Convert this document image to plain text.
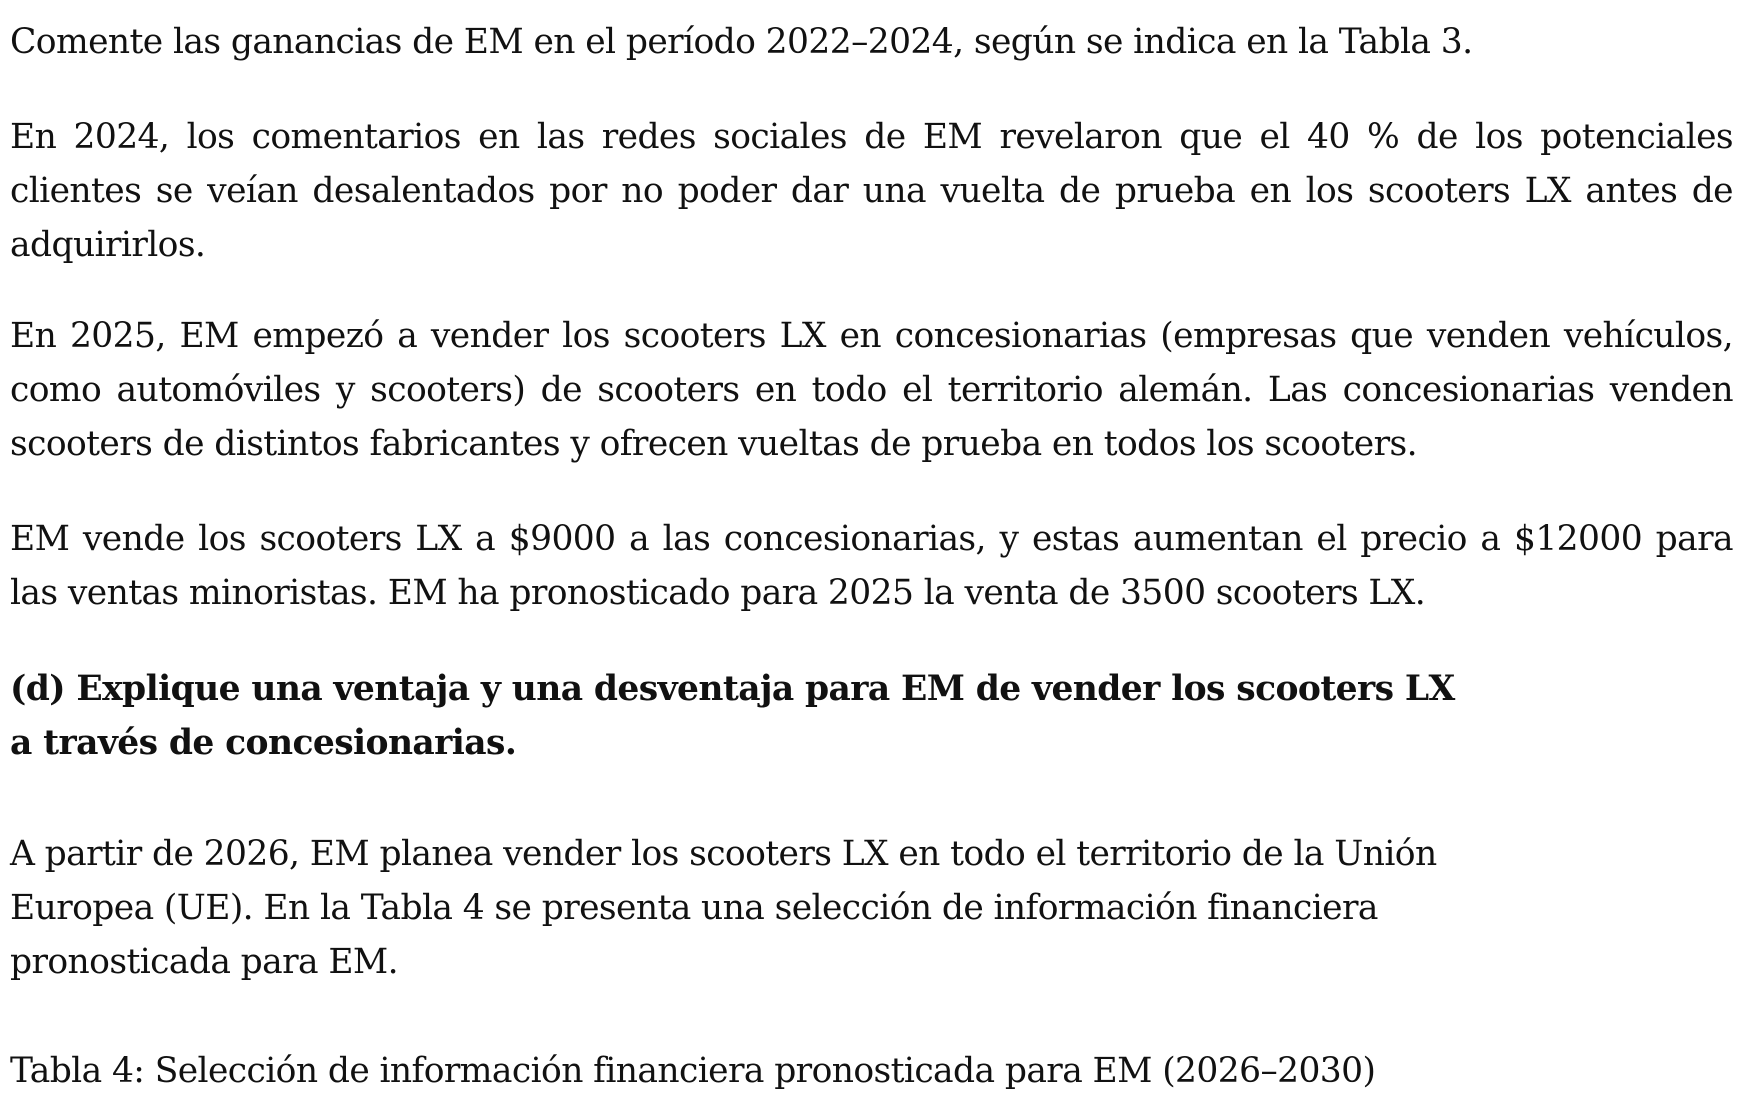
Comente las ganancias de EM en el período 2022–2024, según se indica en la Tabla 3.

En 2024, los comentarios en las redes sociales de EM revelaron que el 40 % de los potenciales clientes se veían desalentados por no poder dar una vuelta de prueba en los scooters LX antes de adquirirlos.

En 2025, EM empezó a vender los scooters LX en concesionarias (empresas que venden vehículos, como automóviles y scooters) de scooters en todo el territorio alemán. Las concesionarias venden scooters de distintos fabricantes y ofrecen vueltas de prueba en todos los scooters.

EM vende los scooters LX a $9000 a las concesionarias, y estas aumentan el precio a $12000 para las ventas minoristas. EM ha pronosticado para 2025 la venta de 3500 scooters LX.

(d) Explique una ventaja y una desventaja para EM de vender los scooters LX a través de concesionarias.

A partir de 2026, EM planea vender los scooters LX en todo el territorio de la Unión Europea (UE). En la Tabla 4 se presenta una selección de información financiera pronosticada para EM.

Tabla 4: Selección de información financiera pronosticada para EM (2026–2030)
